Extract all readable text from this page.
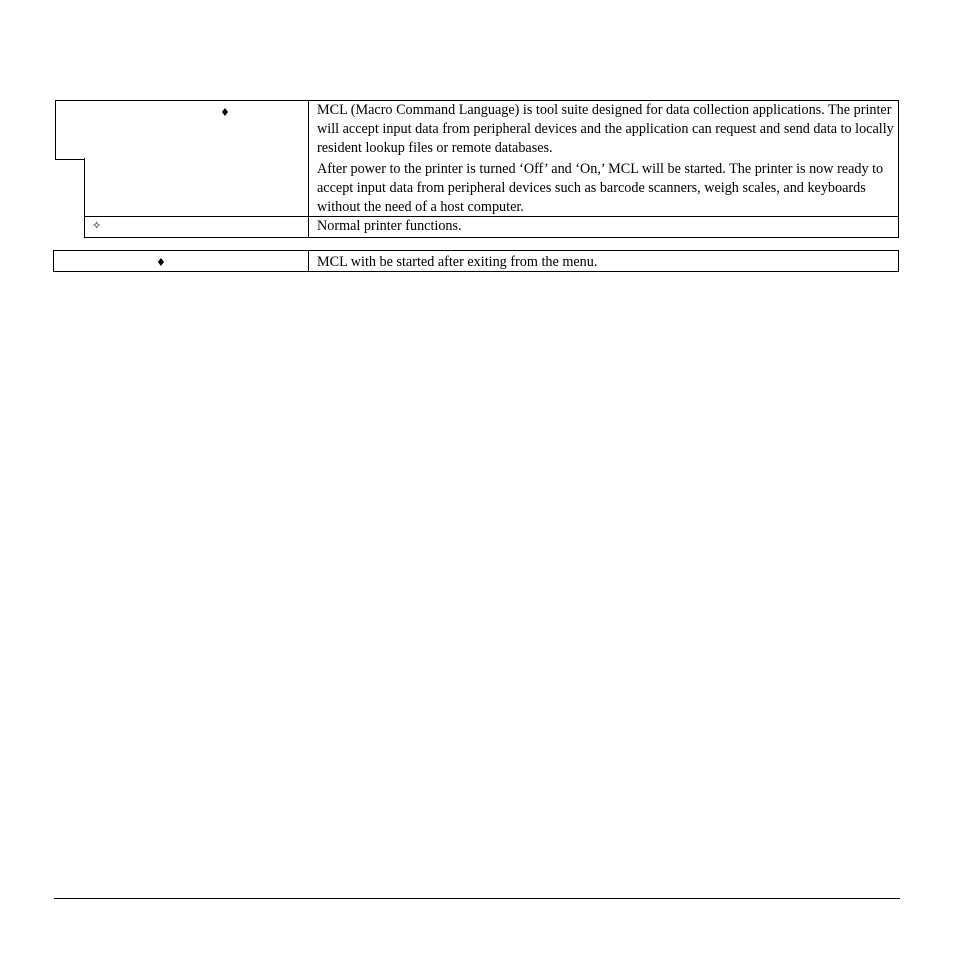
♦	MCL (Macro Command Language) is tool suite designed for data collection applications. The printer will accept input data from peripheral devices and the application can request and send data to locally resident lookup files or remote databases.
After power to the printer is turned ‘Off’ and ‘On,’ MCL will be started. The printer is now ready to accept input data from peripheral devices such as barcode scanners, weigh scales, and keyboards without the need of a host computer.
✧	Normal printer functions.
♦	MCL with be started after exiting from the menu.
